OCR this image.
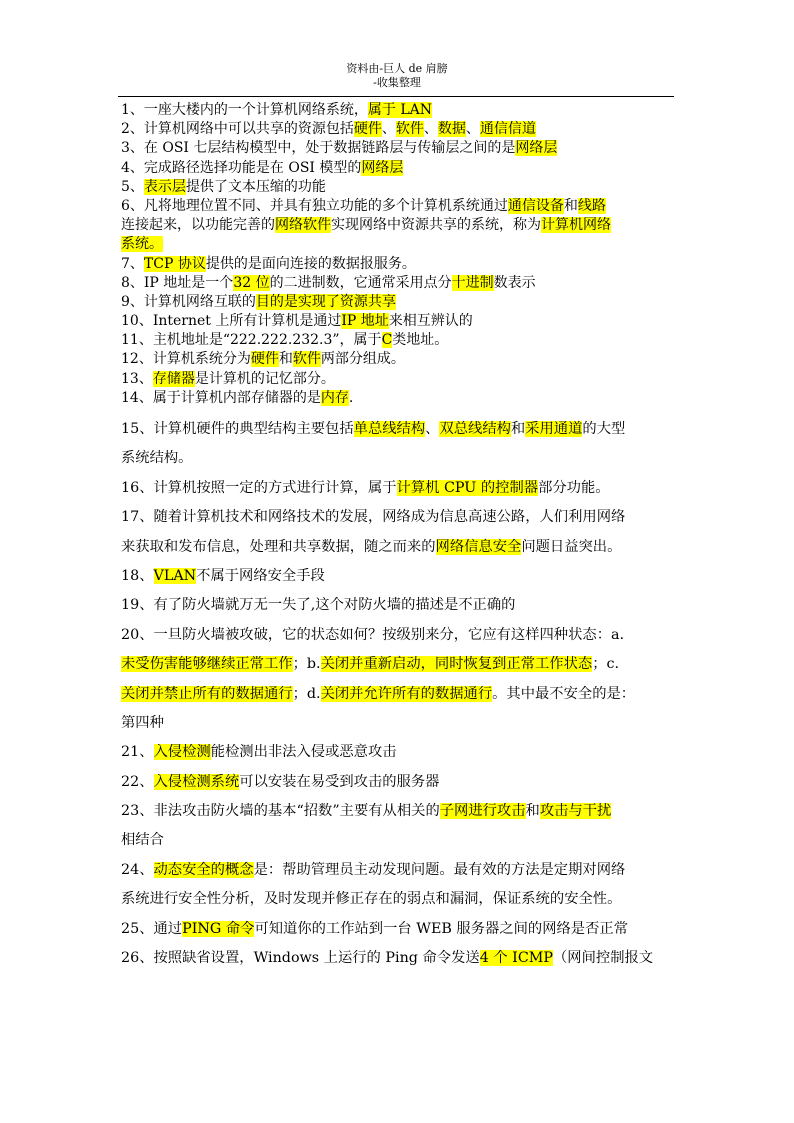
资料由-巨人 de 肩膀
-收集整理
1、一座大楼内的一个计算机网络系统，属于 LAN
2、计算机网络中可以共享的资源包括硬件、软件、数据、通信信道
3、在 OSI 七层结构模型中，处于数据链路层与传输层之间的是网络层
4、完成路径选择功能是在 OSI 模型的网络层
5、表示层提供了文本压缩的功能
6、凡将地理位置不同、并具有独立功能的多个计算机系统通过通信设备和线路
连接起来，以功能完善的网络软件实现网络中资源共享的系统，称为计算机网络
系统。
7、TCP 协议提供的是面向连接的数据报服务。
8、IP 地址是一个32 位的二进制数，它通常采用点分十进制数表示
9、计算机网络互联的目的是实现了资源共享
10、Internet 上所有计算机是通过IP 地址来相互辨认的
11、主机地址是“222.222.232.3”，属于C类地址。
12、计算机系统分为硬件和软件两部分组成。
13、存储器是计算机的记忆部分。
14、属于计算机内部存储器的是内存.
15、计算机硬件的典型结构主要包括单总线结构、双总线结构和采用通道的大型
系统结构。
16、计算机按照一定的方式进行计算，属于计算机 CPU 的控制器部分功能。
17、随着计算机技术和网络技术的发展，网络成为信息高速公路，人们利用网络
来获取和发布信息，处理和共享数据，随之而来的网络信息安全问题日益突出。
18、VLAN不属于网络安全手段
19、有了防火墙就万无一失了,这个对防火墙的描述是不正确的
20、一旦防火墙被攻破，它的状态如何？按级别来分，它应有这样四种状态：a.
未受伤害能够继续正常工作；b.关闭并重新启动，同时恢复到正常工作状态；c.
关闭并禁止所有的数据通行；d.关闭并允许所有的数据通行。其中最不安全的是：
第四种
21、入侵检测能检测出非法入侵或恶意攻击
22、入侵检测系统可以安装在易受到攻击的服务器
23、非法攻击防火墙的基本“招数”主要有从相关的子网进行攻击和攻击与干扰
相结合
24、动态安全的概念是：帮助管理员主动发现问题。最有效的方法是定期对网络
系统进行安全性分析，及时发现并修正存在的弱点和漏洞，保证系统的安全性。
25、通过PING 命令可知道你的工作站到一台 WEB 服务器之间的网络是否正常
26、按照缺省设置，Windows 上运行的 Ping 命令发送4 个 ICMP（网间控制报文
